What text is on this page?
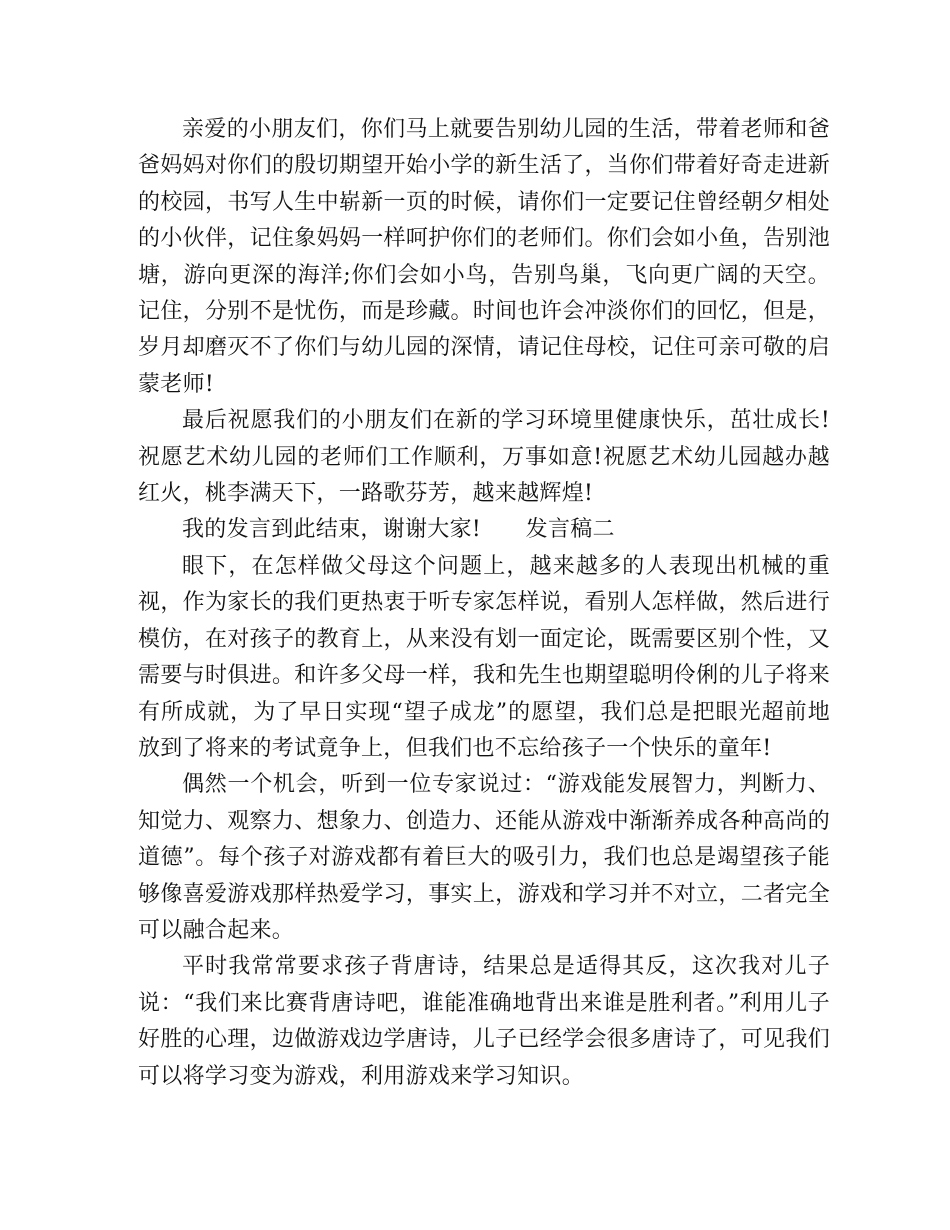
亲爱的小朋友们，你们马上就要告别幼儿园的生活，带着老师和爸爸妈妈对你们的殷切期望开始小学的新生活了，当你们带着好奇走进新的校园，书写人生中崭新一页的时候，请你们一定要记住曾经朝夕相处的小伙伴，记住象妈妈一样呵护你们的老师们。你们会如小鱼，告别池塘，游向更深的海洋;你们会如小鸟，告别鸟巢，飞向更广阔的天空。记住，分别不是忧伤，而是珍藏。时间也许会冲淡你们的回忆，但是，岁月却磨灭不了你们与幼儿园的深情，请记住母校，记住可亲可敬的启蒙老师!

最后祝愿我们的小朋友们在新的学习环境里健康快乐，茁壮成长!祝愿艺术幼儿园的老师们工作顺利，万事如意!祝愿艺术幼儿园越办越红火，桃李满天下，一路歌芬芳，越来越辉煌!

我的发言到此结束，谢谢大家!　　发言稿二

眼下，在怎样做父母这个问题上，越来越多的人表现出机械的重视，作为家长的我们更热衷于听专家怎样说，看别人怎样做，然后进行模仿，在对孩子的教育上，从来没有划一面定论，既需要区别个性，又需要与时俱进。和许多父母一样，我和先生也期望聪明伶俐的儿子将来有所成就，为了早日实现“望子成龙”的愿望，我们总是把眼光超前地放到了将来的考试竟争上，但我们也不忘给孩子一个快乐的童年!

偶然一个机会，听到一位专家说过：“游戏能发展智力，判断力、知觉力、观察力、想象力、创造力、还能从游戏中渐渐养成各种高尚的道德”。每个孩子对游戏都有着巨大的吸引力，我们也总是竭望孩子能够像喜爱游戏那样热爱学习，事实上，游戏和学习并不对立，二者完全可以融合起来。

平时我常常要求孩子背唐诗，结果总是适得其反，这次我对儿子说：“我们来比赛背唐诗吧，谁能准确地背出来谁是胜利者。”利用儿子好胜的心理，边做游戏边学唐诗，儿子已经学会很多唐诗了，可见我们可以将学习变为游戏，利用游戏来学习知识。
